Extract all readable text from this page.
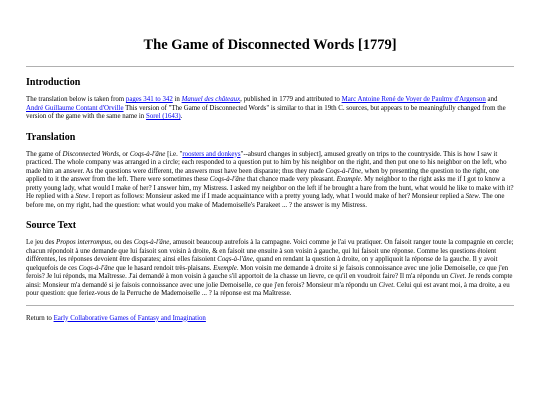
The Game of Disconnected Words [1779]
Introduction

The translation below is taken from pages 341 to 342 in Manuel des châteaux, published in 1779 and attributed to Marc Antoine René de Voyer de Paulmy d'Argenson and André Guillaume Contant d'Orville This version of "The Game of Disconnected Words" is similar to that in 19th C. sources, but appears to be meaningfully changed from the version of the game with the same name in Sorel (1643).

Translation

The game of Disconnected Words, or Coqs-à-l'âne [i.e. "roosters and donkeys"--absurd changes in subject], amused greatly on trips to the countryside. This is how I saw it practiced. The whole company was arranged in a circle; each responded to a question put to him by his neighbor on the right, and then put one to his neighbor on the left, who made him an answer. As the questions were different, the answers must have been disparate; thus they made Coqs-à-l'âne, when by presenting the question to the right, one applied to it the answer from the left. There were sometimes these Coqs-à-l'âne that chance made very pleasant. Example. My neighbor to the right asks me if I got to know a pretty young lady, what would I make of her? I answer him, my Mistress. I asked my neighbor on the left if he brought a hare from the hunt, what would he like to make with it? He replied with a Stew. I report as follows: Monsieur asked me if I made acquaintance with a pretty young lady, what I would make of her? Monsieur replied a Stew. The one before me, on my right, had the question: what would you make of Mademoiselle's Parakeet ... ? the answer is my Mistress.

Source Text

Le jeu des Propos interrompus, ou des Coqs-à-l'âne, amusoit beaucoup autrefois à la campagne. Voici comme je l'ai vu pratiquer. On faisoit ranger toute la compagnie en cercle; chacun répondoit à une demande que lui faisoit son voisin à droite, & en faisoit une ensuite à son voisin à gauche, qui lui faisoit une réponse. Comme les questions étoient différentes, les réponses devoient être disparates; ainsi elles faisoient Coqs-à-l'âne, quand en rendant la question à droite, on y appliquoit la réponse de la gauche. Il y avoit quelquefois de ces Coqs-à-l'âne que le hasard rendoit très-plaisans. Exemple. Mon voisin me demande à droite si je faisois connoissance avec une jolie Demoiselle, ce que j'en ferois? Je lui réponds, ma Maîtresse. J'ai demandé à mon voisin à gauche s'il apportoit de la chasse un lievre, ce qu'il en voudroit faire? Il m'a répondu un Civet. Je rends compte ainsi: Monsieur m'a demandé si je faisois connoissance avec une jolie Demoiselle, ce que j'en ferois? Monsieur m'a répondu un Civet. Celui qui est avant moi, à ma droite, a eu pour question: que feriez-vous de la Perruche de Mademoiselle ... ? la réponse est ma Maîtresse.

Return to Early Collaborative Games of Fantasy and Imagination
